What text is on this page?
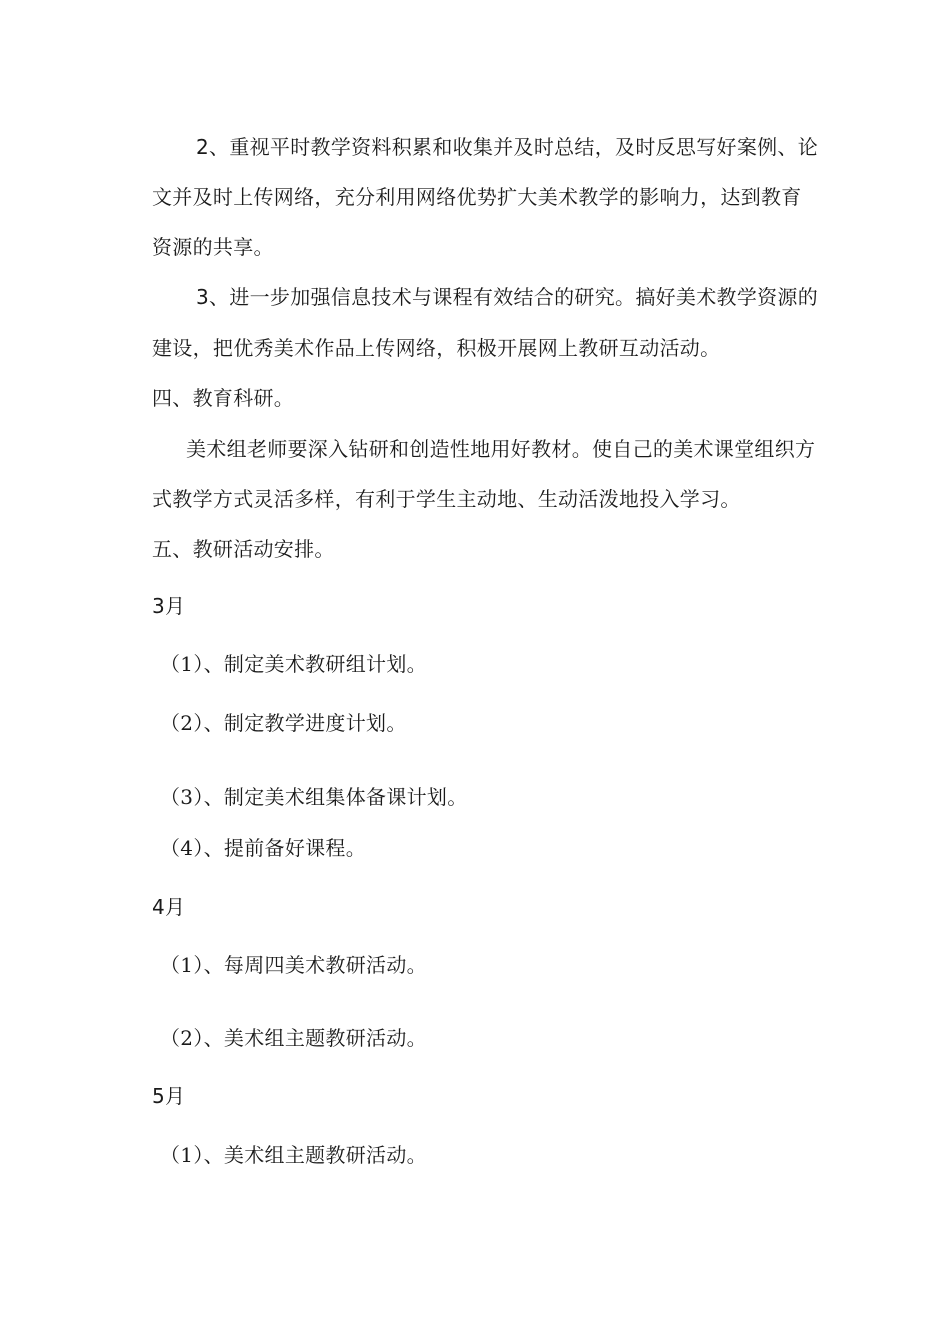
2、重视平时教学资料积累和收集并及时总结，及时反思写好案例、论
文并及时上传网络，充分利用网络优势扩大美术教学的影响力，达到教育
资源的共享。
3、进一步加强信息技术与课程有效结合的研究。搞好美术教学资源的
建设，把优秀美术作品上传网络，积极开展网上教研互动活动。
四、教育科研。
美术组老师要深入钻研和创造性地用好教材。使自己的美术课堂组织方
式教学方式灵活多样，有利于学生主动地、生动活泼地投入学习。
五、教研活动安排。
3月
（1）、制定美术教研组计划。
（2）、制定教学进度计划。
（3）、制定美术组集体备课计划。
（4）、提前备好课程。
4月
（1）、每周四美术教研活动。
（2）、美术组主题教研活动。
5月
（1）、美术组主题教研活动。
